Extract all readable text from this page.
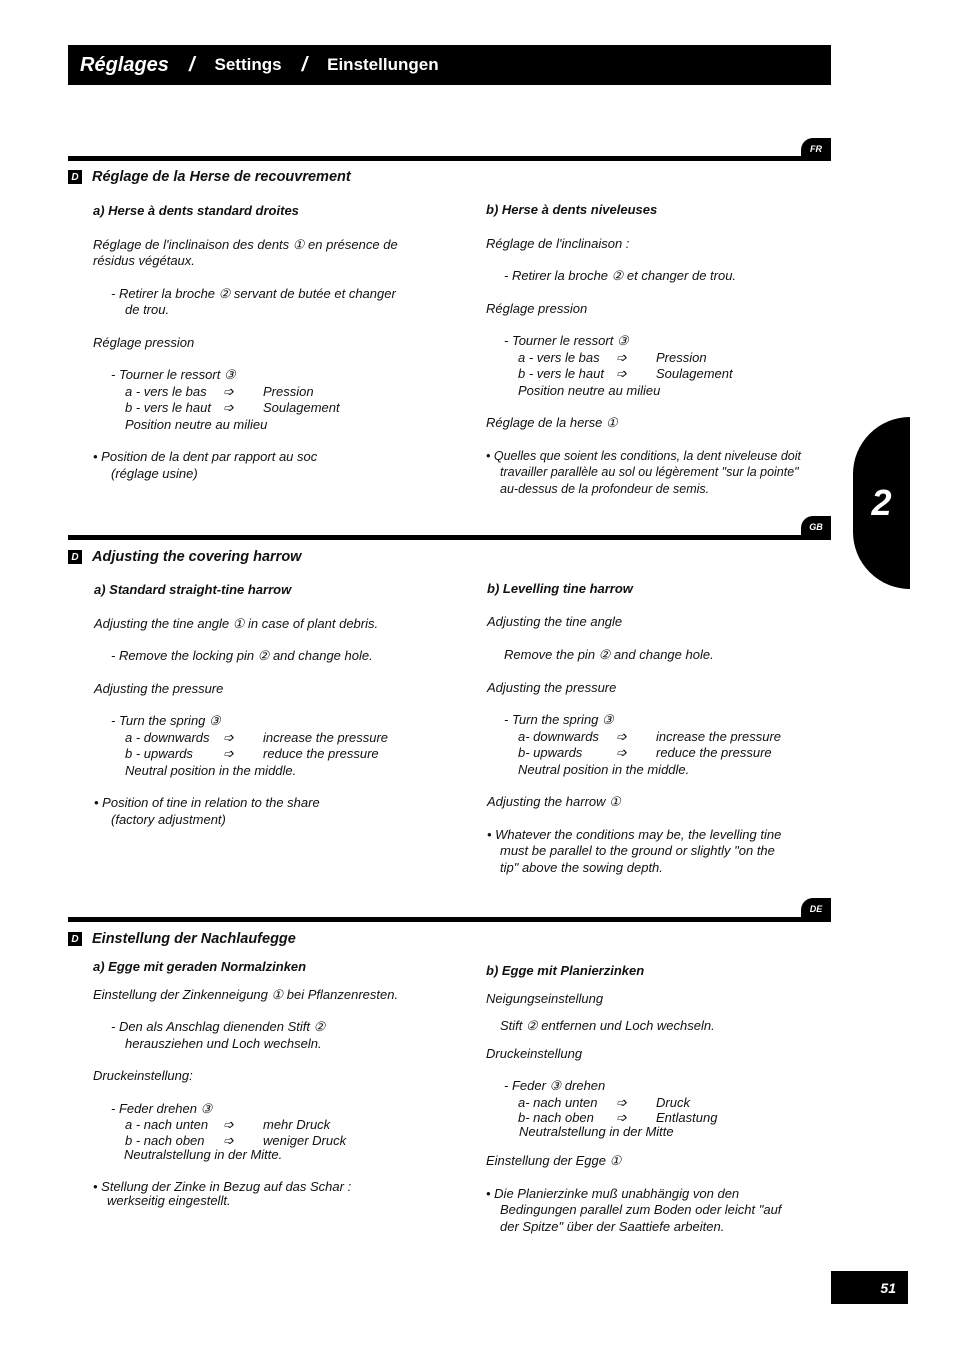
Réglages / Settings / Einstellungen
FR
D Réglage de la Herse de recouvrement
a) Herse à dents standard droites
Réglage de l'inclinaison des dents ① en présence de
résidus végétaux.
- Retirer la broche ② servant de butée et changer
de trou.
Réglage pression
- Tourner le ressort ③
a - vers le bas	➩	Pression
b - vers le haut ➩	Soulagement
Position neutre au milieu
• Position de la dent par rapport au soc
(réglage usine)
b) Herse à dents niveleuses
Réglage de l'inclinaison :
- Retirer la broche ② et changer de trou.
Réglage pression
- Tourner le ressort ③
a - vers le bas	➩	Pression
b - vers le haut ➩	Soulagement
Position neutre au milieu
Réglage de la herse ①
• Quelles que soient les conditions, la dent niveleuse doit
travailler parallèle au sol ou légèrement "sur la pointe"
au-dessus de la profondeur de semis.
GB
D Adjusting the covering harrow
a) Standard straight-tine harrow
Adjusting the tine angle ① in case of plant debris.
- Remove the locking pin ② and change hole.
Adjusting the pressure
- Turn the spring ③
a - downwards	➩	increase the pressure
b - upwards	➩	reduce the pressure
Neutral position in the middle.
• Position of tine in relation to the share
(factory adjustment)
b) Levelling tine harrow
Adjusting the tine angle
Remove the pin ② and change hole.
Adjusting the pressure
- Turn the spring ③
a- downwards	➩	increase the pressure
b- upwards	➩	reduce the pressure
Neutral position in the middle.
Adjusting the harrow ①
• Whatever the conditions may be, the levelling tine
must be parallel to the ground or slightly "on the
tip" above the sowing depth.
DE
D Einstellung der Nachlaufegge
a) Egge mit geraden Normalzinken
Einstellung der Zinkenneigung ① bei Pflanzenresten.
- Den als Anschlag dienenden Stift ②
herausziehen und Loch wechseln.
Druckeinstellung:
- Feder drehen ③
a - nach unten	➩	mehr Druck
b - nach oben	➩	weniger Druck
Neutralstellung in der Mitte.
• Stellung der Zinke in Bezug auf das Schar :
werkseitig eingestellt.
b) Egge mit Planierzinken
Neigungseinstellung
Stift ② entfernen und Loch wechseln.
Druckeinstellung
- Feder ③ drehen
a- nach unten	➩	Druck
b- nach oben	➩	Entlastung
Neutralstellung in der Mitte
Einstellung der Egge ①
• Die Planierzinke muß unabhängig von den
Bedingungen parallel zum Boden oder leicht "auf
der Spitze" über der Saattiefe arbeiten.
2
51
